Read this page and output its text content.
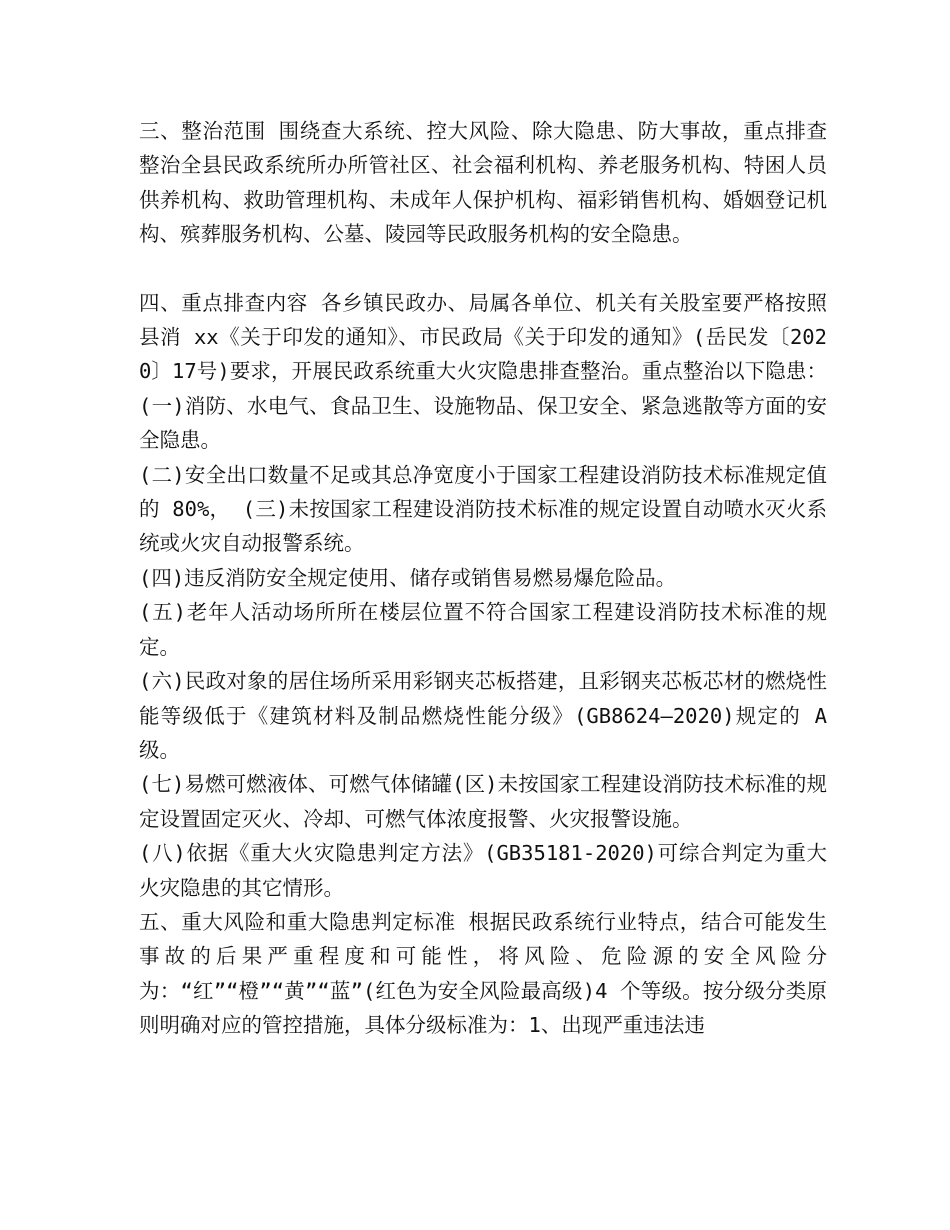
三、整治范围 围绕查大系统、控大风险、除大隐患、防大事故，重点排查整治全县民政系统所办所管社区、社会福利机构、养老服务机构、特困人员供养机构、救助管理机构、未成年人保护机构、福彩销售机构、婚姻登记机构、殡葬服务机构、公墓、陵园等民政服务机构的安全隐患。

四、重点排查内容 各乡镇民政办、局属各单位、机关有关股室要严格按照县消 xx《关于印发的通知》、市民政局《关于印发的通知》(岳民发〔2020〕17号)要求，开展民政系统重大火灾隐患排查整治。重点整治以下隐患：(一)消防、水电气、食品卫生、设施物品、保卫安全、紧急逃散等方面的安全隐患。

(二)安全出口数量不足或其总净宽度小于国家工程建设消防技术标准规定值的 80%， (三)未按国家工程建设消防技术标准的规定设置自动喷水灭火系统或火灾自动报警系统。

(四)违反消防安全规定使用、储存或销售易燃易爆危险品。

(五)老年人活动场所所在楼层位置不符合国家工程建设消防技术标准的规定。

(六)民政对象的居住场所采用彩钢夹芯板搭建，且彩钢夹芯板芯材的燃烧性能等级低于《建筑材料及制品燃烧性能分级》(GB8624—2020)规定的 A 级。

(七)易燃可燃液体、可燃气体储罐(区)未按国家工程建设消防技术标准的规定设置固定灭火、冷却、可燃气体浓度报警、火灾报警设施。

(八)依据《重大火灾隐患判定方法》(GB35181-2020)可综合判定为重大火灾隐患的其它情形。

五、重大风险和重大隐患判定标准 根据民政系统行业特点，结合可能发生事故的后果严重程度和可能性，将风险、危险源的安全风险分为：“红”“橙”“黄”“蓝”(红色为安全风险最高级)4 个等级。按分级分类原则明确对应的管控措施，具体分级标准为：1、出现严重违法违
